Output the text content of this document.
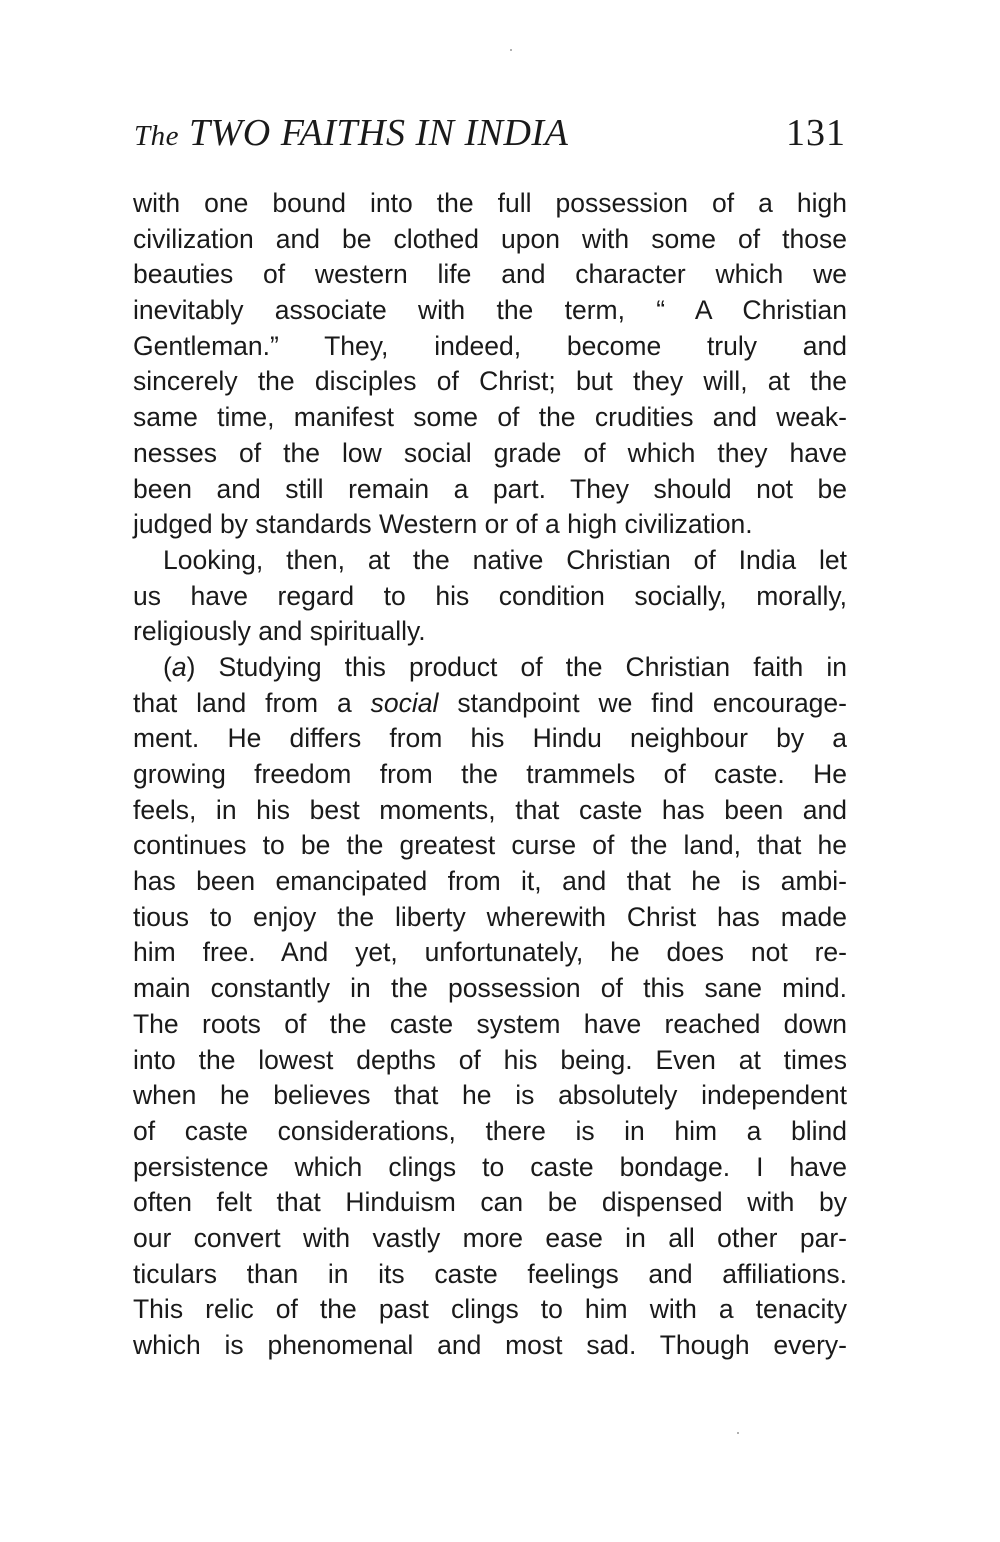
The TWO FAITHS IN INDIA	131
with one bound into the full possession of a high
civilization and be clothed upon with some of those
beauties of western life and character which we
inevitably associate with the term, “ A Christian
Gentleman.” They, indeed, become truly and
sincerely the disciples of Christ; but they will, at the
same time, manifest some of the crudities and weak-
nesses of the low social grade of which they have
been and still remain a part. They should not be
judged by standards Western or of a high civilization.
Looking, then, at the native Christian of India let
us have regard to his condition socially, morally,
religiously and spiritually.
(a) Studying this product of the Christian faith in
that land from a social standpoint we find encourage-
ment. He differs from his Hindu neighbour by a
growing freedom from the trammels of caste. He
feels, in his best moments, that caste has been and
continues to be the greatest curse of the land, that he
has been emancipated from it, and that he is ambi-
tious to enjoy the liberty wherewith Christ has made
him free. And yet, unfortunately, he does not re-
main constantly in the possession of this sane mind.
The roots of the caste system have reached down
into the lowest depths of his being. Even at times
when he believes that he is absolutely independent
of caste considerations, there is in him a blind
persistence which clings to caste bondage. I have
often felt that Hinduism can be dispensed with by
our convert with vastly more ease in all other par-
ticulars than in its caste feelings and affiliations.
This relic of the past clings to him with a tenacity
which is phenomenal and most sad. Though every-
